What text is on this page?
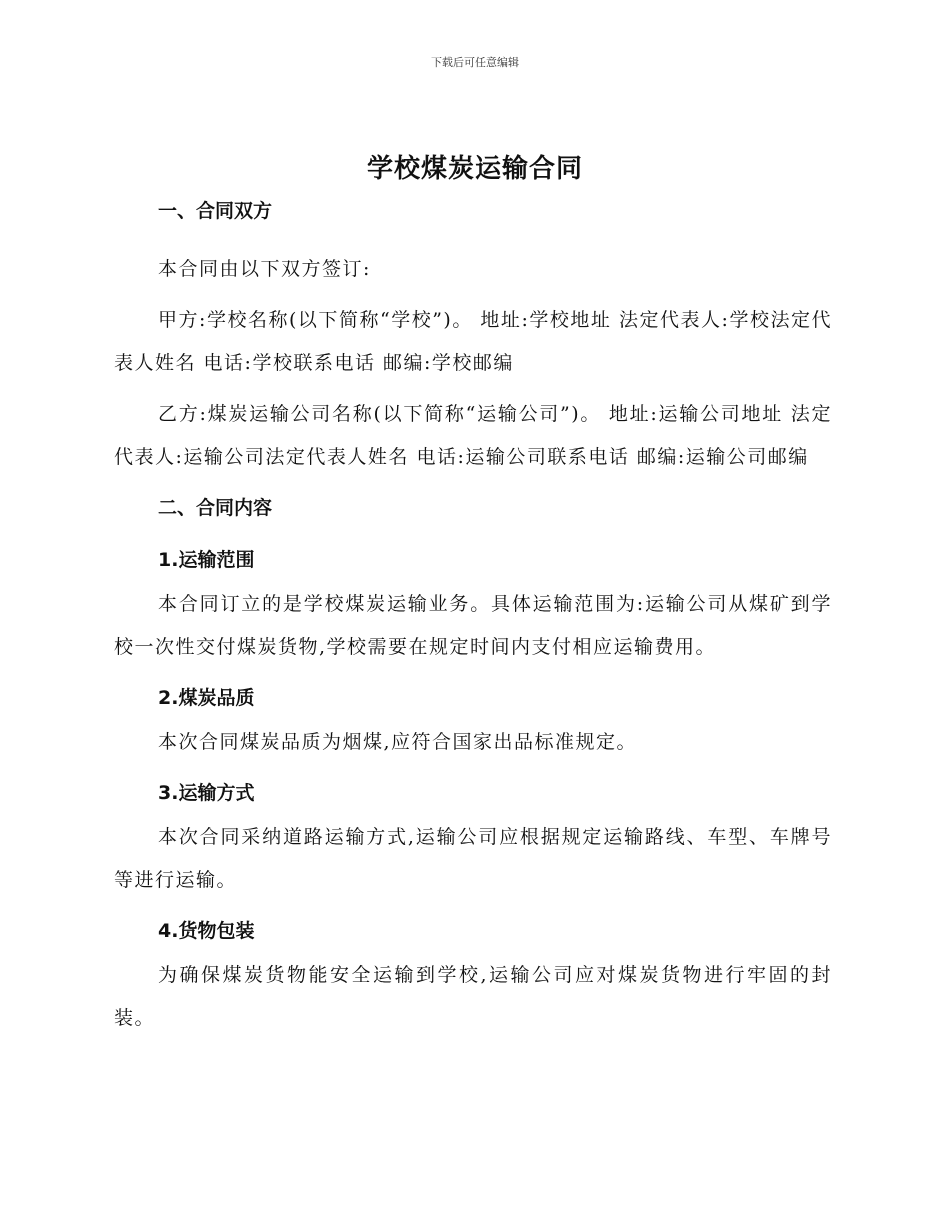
下载后可任意编辑
学校煤炭运输合同

一、合同双方

本合同由以下双方签订:

甲方:学校名称(以下简称“学校”)。 地址:学校地址 法定代表人:学校法定代表人姓名 电话:学校联系电话 邮编:学校邮编

乙方:煤炭运输公司名称(以下简称“运输公司”)。 地址:运输公司地址 法定代表人:运输公司法定代表人姓名 电话:运输公司联系电话 邮编:运输公司邮编

二、合同内容

1.运输范围

本合同订立的是学校煤炭运输业务。具体运输范围为:运输公司从煤矿到学校一次性交付煤炭货物,学校需要在规定时间内支付相应运输费用。

2.煤炭品质

本次合同煤炭品质为烟煤,应符合国家出品标准规定。

3.运输方式

本次合同采纳道路运输方式,运输公司应根据规定运输路线、车型、车牌号等进行运输。

4.货物包装

为确保煤炭货物能安全运输到学校,运输公司应对煤炭货物进行牢固的封装。
